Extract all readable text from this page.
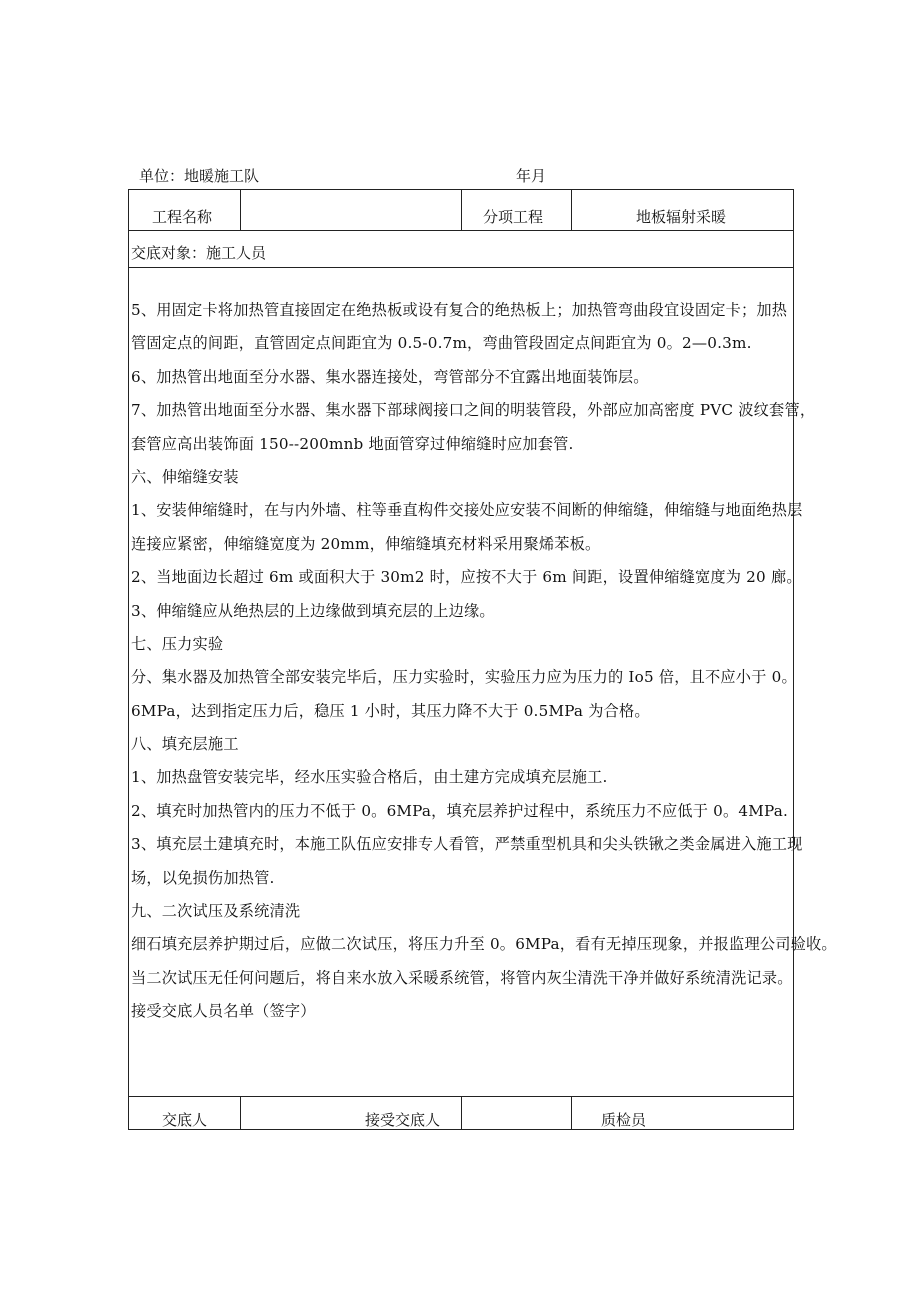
单位：地暖施工队	年月
工程名称	分项工程	地板辐射采暖
交底对象：施工人员

5、用固定卡将加热管直接固定在绝热板或设有复合的绝热板上；加热管弯曲段宜设固定卡；加热

管固定点的间距，直管固定点间距宜为 0.5-0.7m，弯曲管段固定点间距宜为 0。2—0.3m.

6、加热管出地面至分水器、集水器连接处，弯管部分不宜露出地面装饰层。

7、加热管出地面至分水器、集水器下部球阀接口之间的明装管段，外部应加高密度 PVC 波纹套管，

套管应高出装饰面 150--200mnb 地面管穿过伸缩缝时应加套管.

六、伸缩缝安装

1、安装伸缩缝时，在与内外墙、柱等垂直构件交接处应安装不间断的伸缩缝，伸缩缝与地面绝热层

连接应紧密，伸缩缝宽度为 20mm，伸缩缝填充材料采用聚烯苯板。

2、当地面边长超过 6m 或面积大于 30m2 时，应按不大于 6m 间距，设置伸缩缝宽度为 20 廊。

3、伸缩缝应从绝热层的上边缘做到填充层的上边缘。

七、压力实验

分、集水器及加热管全部安装完毕后，压力实验时，实验压力应为压力的 Io5 倍，且不应小于 0。

6MPa，达到指定压力后，稳压 1 小时，其压力降不大于 0.5MPa 为合格。

八、填充层施工

1、加热盘管安装完毕，经水压实验合格后，由土建方完成填充层施工.

2、填充时加热管内的压力不低于 0。6MPa，填充层养护过程中，系统压力不应低于 0。4MPa.

3、填充层土建填充时，本施工队伍应安排专人看管，严禁重型机具和尖头铁锹之类金属进入施工现

场，以免损伤加热管.

九、二次试压及系统清洗

细石填充层养护期过后，应做二次试压，将压力升至 0。6MPa，看有无掉压现象，并报监理公司验收。

当二次试压无任何问题后，将自来水放入采暖系统管，将管内灰尘清洗干净并做好系统清洗记录。

接受交底人员名单（签字）

交底人	接受交底人	质检员
